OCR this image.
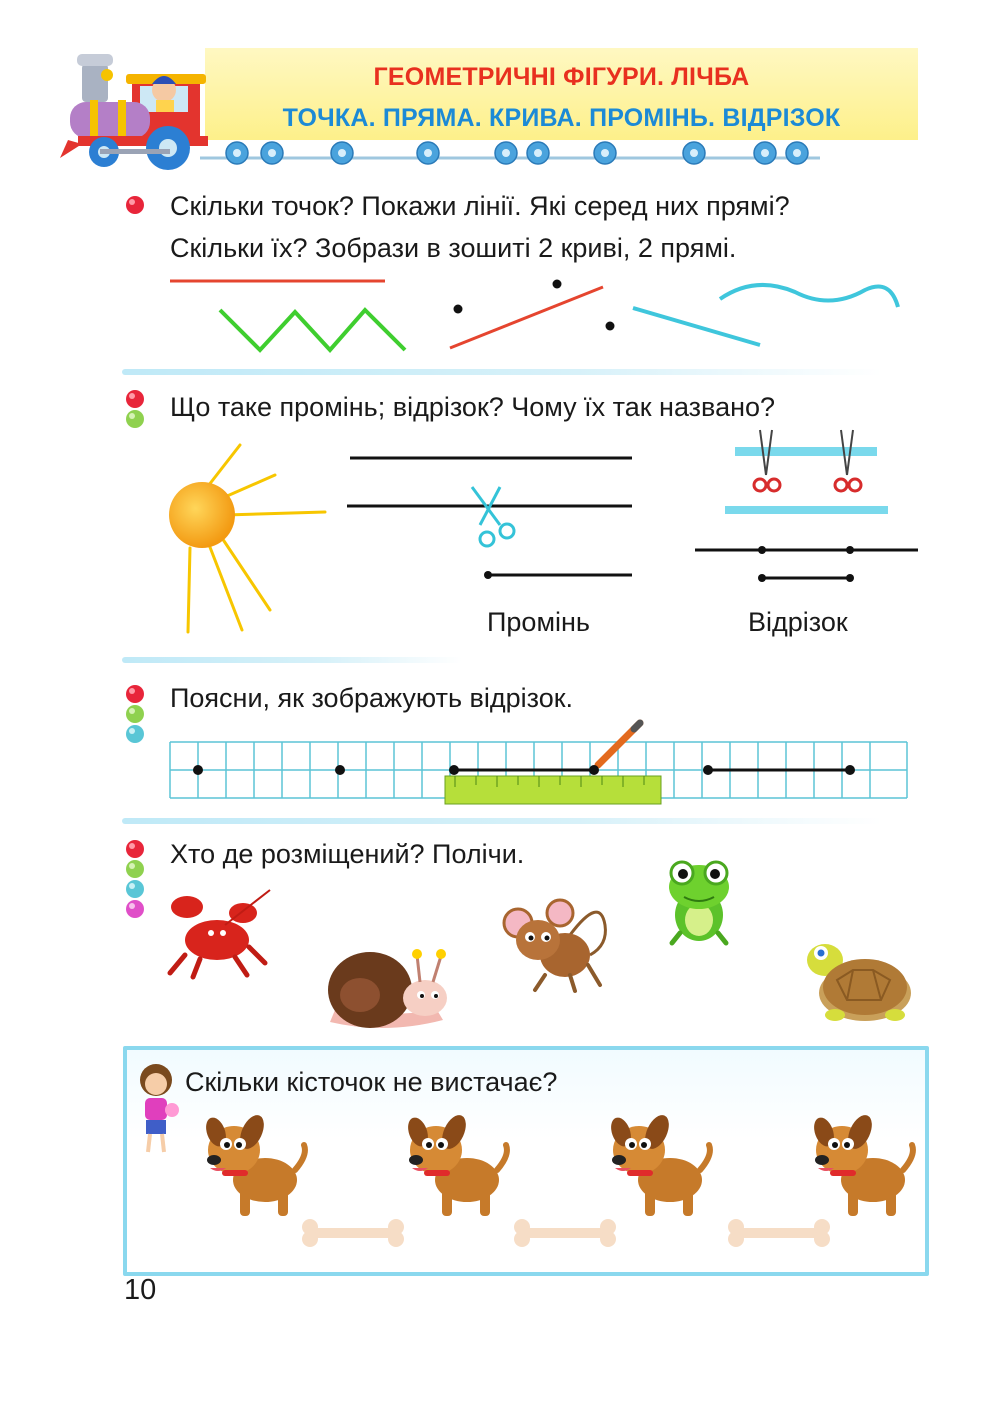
ГЕОМЕТРИЧНІ ФІГУРИ. ЛІЧБА
ТОЧКА. ПРЯМА. КРИВА. ПРОМІНЬ. ВІДРІЗОК
Скільки точок? Покажи лінії. Які серед них прямі?
Скільки їх? Зобрази в зошиті 2 криві, 2 прямі.
Що таке промінь; відрізок? Чому їх так названо?
Промінь	Відрізок
Поясни, як зображують відрізок.
Хто де розміщений? Полічи.
Скільки кісточок не вистачає?
10
